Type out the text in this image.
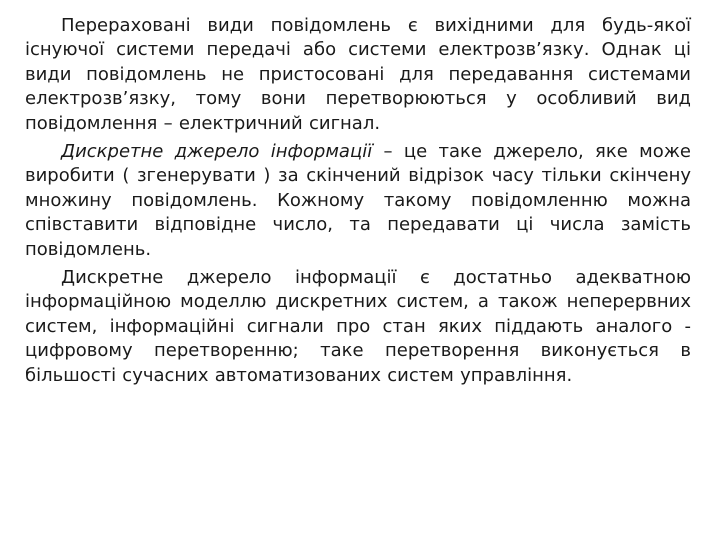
Перераховані види повідомлень є вихідними для будь-якої існуючої системи передачі або системи електрозв’язку. Однак ці види повідомлень не пристосовані для передавання системами електрозв’язку, тому вони перетворюються у особливий вид повідомлення – електричний сигнал.

Дискретне джерело інформації – це таке джерело, яке може виробити ( згенерувати ) за скінчений відрізок часу тільки скінчену множину повідомлень. Кожному такому повідомленню можна співставити відповідне число, та передавати ці числа замість повідомлень.

Дискретне джерело інформації є достатньо адекватною інформаційною моделлю дискретних систем, а також неперервних систем, інформаційні сигнали про стан яких піддають аналого - цифровому перетворенню; таке перетворення виконується в більшості сучасних автоматизованих систем управління.
